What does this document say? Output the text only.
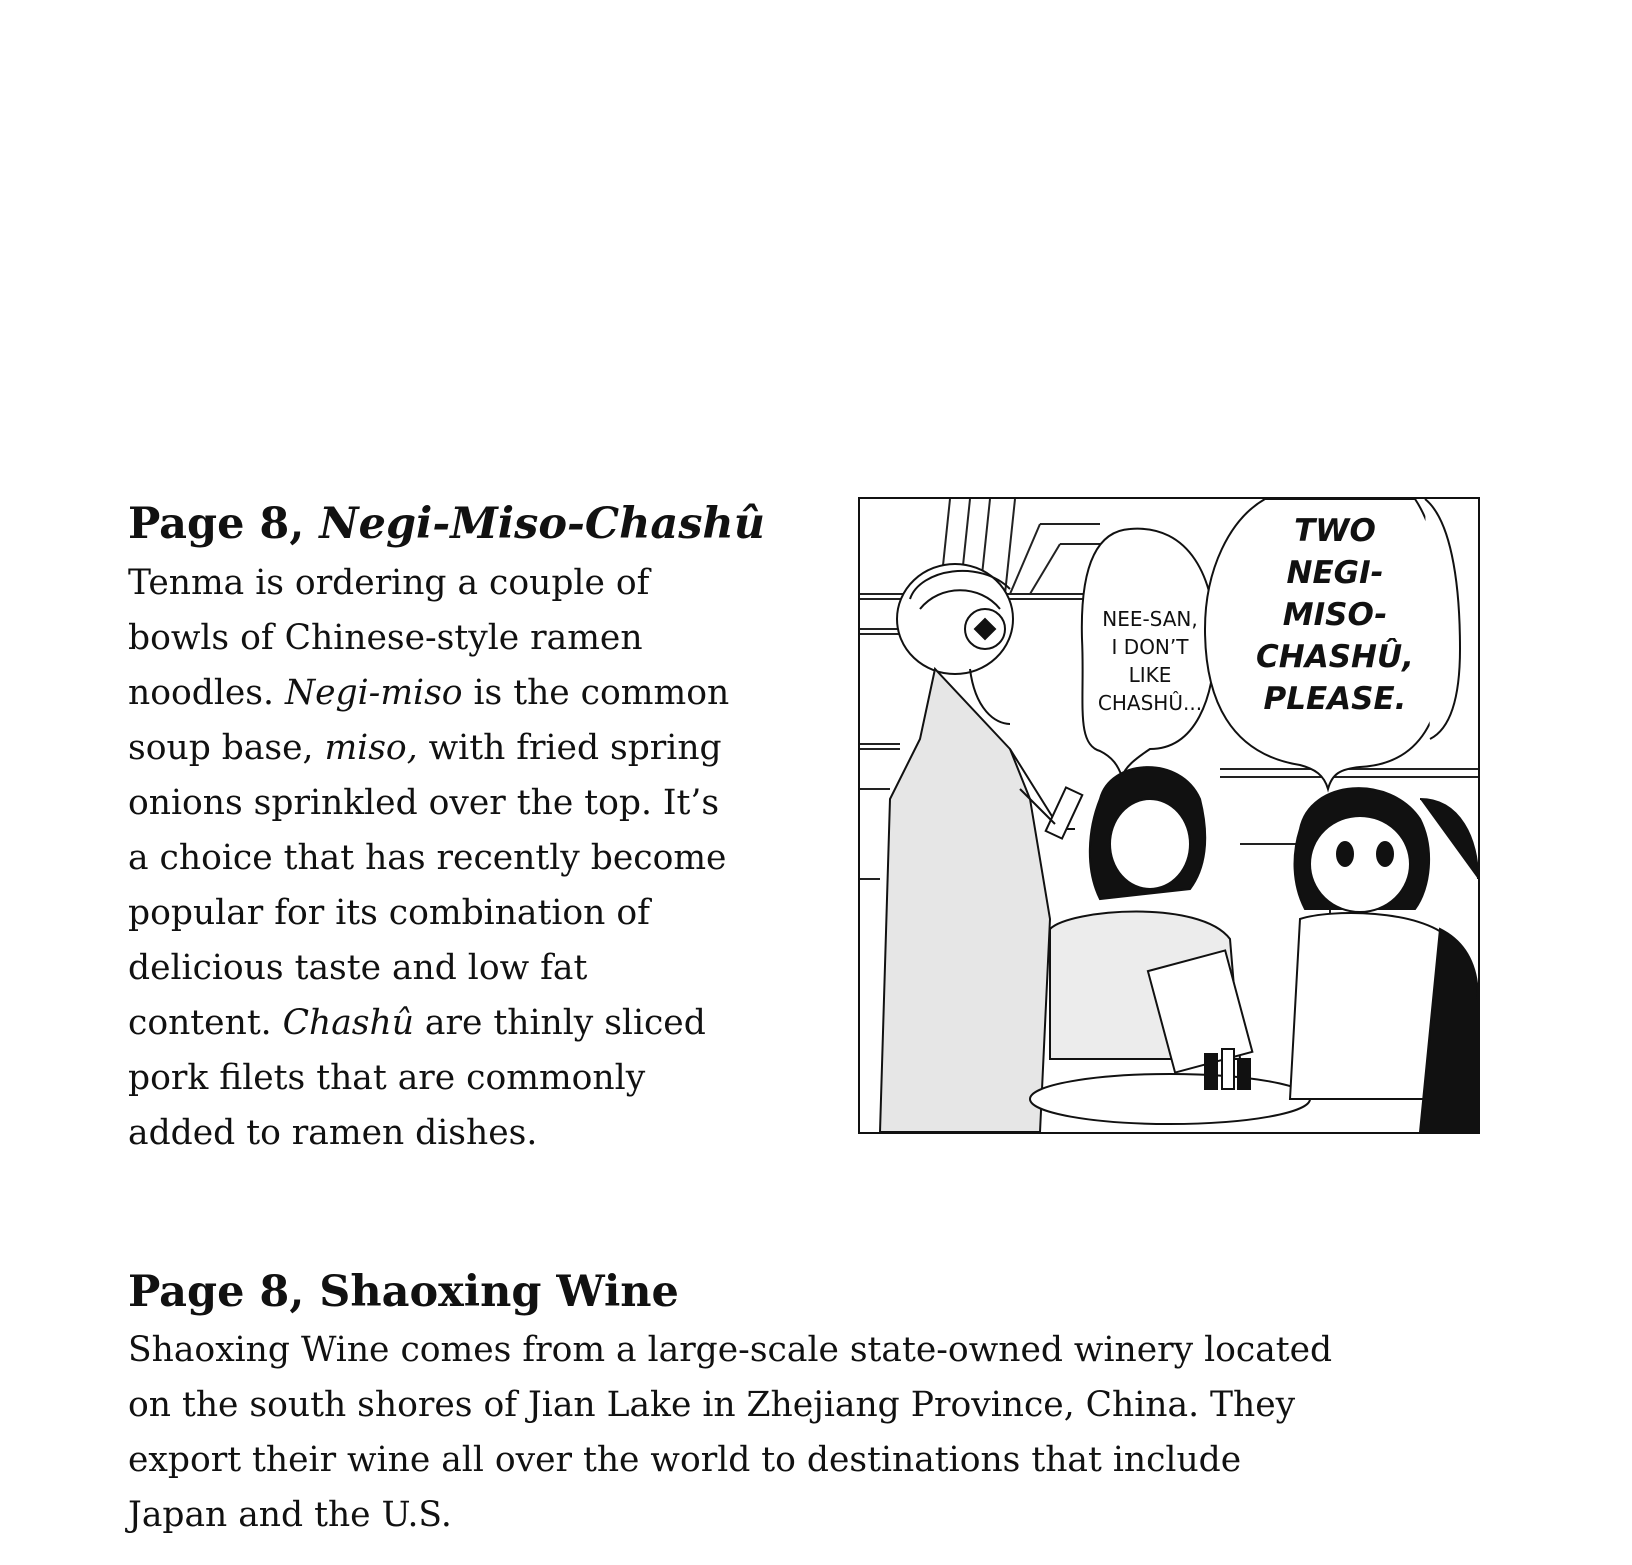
Page 8, Negi-Miso-Chashû

Tenma is ordering a couple of
bowls of Chinese-style ramen
noodles. Negi-miso is the common
soup base, miso, with fried spring
onions sprinkled over the top. It’s
a choice that has recently become
popular for its combination of
delicious taste and low fat
content. Chashû are thinly sliced
pork filets that are commonly
added to ramen dishes.

NEE-SAN,
I DON’T
LIKE
CHASHÛ...
TWO
NEGI-
MISO-
CHASHÛ,
PLEASE.
Page 8, Shaoxing Wine

Shaoxing Wine comes from a large-scale state-owned winery located
on the south shores of Jian Lake in Zhejiang Province, China. They
export their wine all over the world to destinations that include
Japan and the U.S.
